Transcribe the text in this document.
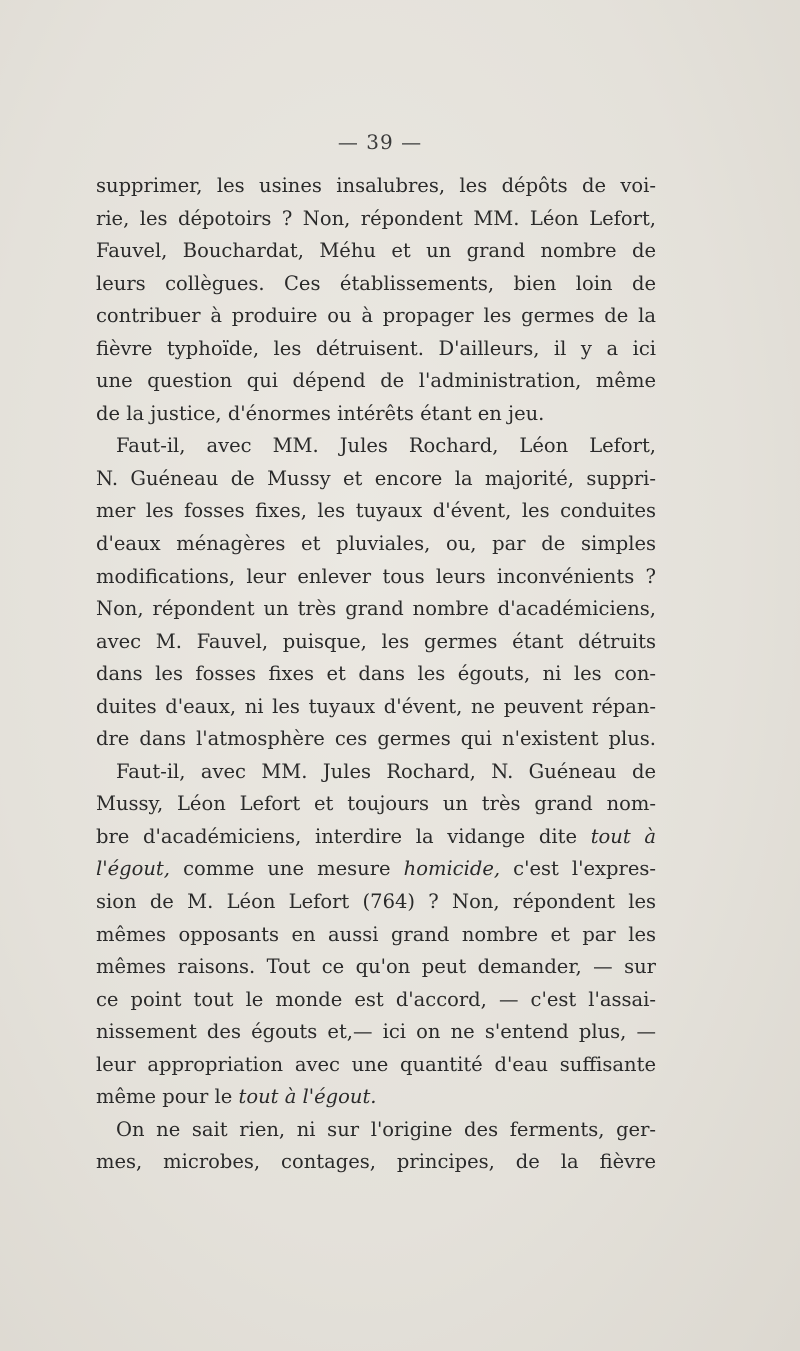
— 39 —
supprimer, les usines insalubres, les dépôts de voi-
rie, les dépotoirs ? Non, répondent MM. Léon Lefort,
Fauvel, Bouchardat, Méhu et un grand nombre de
leurs collègues. Ces établissements, bien loin de
contribuer à produire ou à propager les germes de la
fièvre typhoïde, les détruisent. D'ailleurs, il y a ici
une question qui dépend de l'administration, même
de la justice, d'énormes intérêts étant en jeu.
Faut-il, avec MM. Jules Rochard, Léon Lefort,
N. Guéneau de Mussy et encore la majorité, suppri-
mer les fosses fixes, les tuyaux d'évent, les conduites
d'eaux ménagères et pluviales, ou, par de simples
modifications, leur enlever tous leurs inconvénients ?
Non, répondent un très grand nombre d'académiciens,
avec M. Fauvel, puisque, les germes étant détruits
dans les fosses fixes et dans les égouts, ni les con-
duites d'eaux, ni les tuyaux d'évent, ne peuvent répan-
dre dans l'atmosphère ces germes qui n'existent plus.
Faut-il, avec MM. Jules Rochard, N. Guéneau de
Mussy, Léon Lefort et toujours un très grand nom-
bre d'académiciens, interdire la vidange dite tout à
l'égout, comme une mesure homicide, c'est l'expres-
sion de M. Léon Lefort (764) ? Non, répondent les
mêmes opposants en aussi grand nombre et par les
mêmes raisons. Tout ce qu'on peut demander, — sur
ce point tout le monde est d'accord, — c'est l'assai-
nissement des égouts et,— ici on ne s'entend plus, —
leur appropriation avec une quantité d'eau suffisante
même pour le tout à l'égout.
On ne sait rien, ni sur l'origine des ferments, ger-
mes, microbes, contages, principes, de la fièvre
